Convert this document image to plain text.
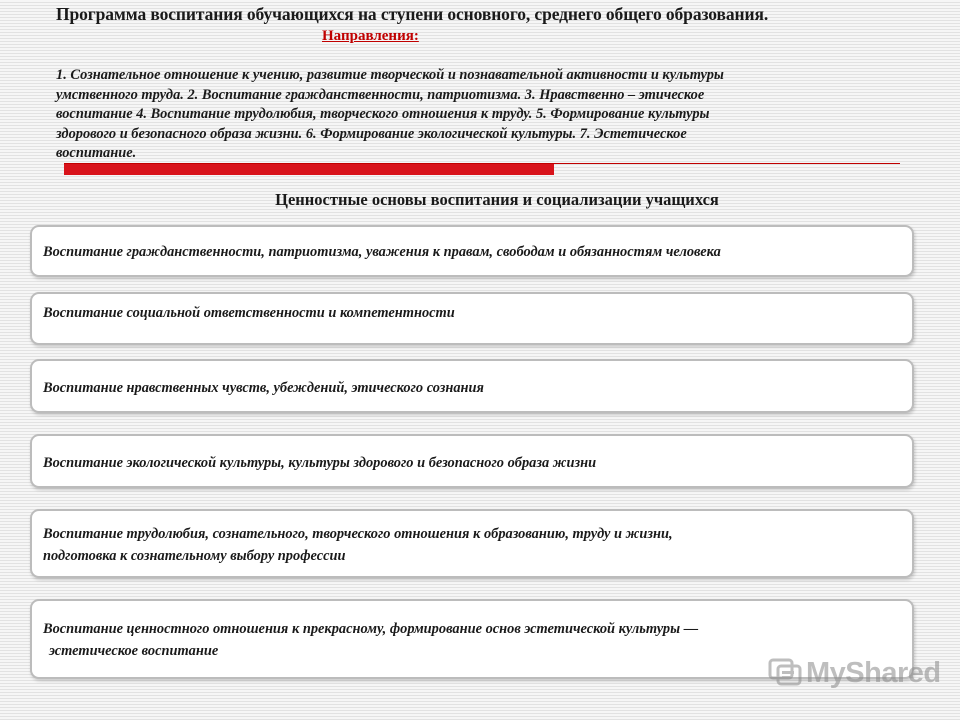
Программа воспитания обучающихся на ступени основного, среднего общего образования.
Направления:
1. Сознательное отношение к учению, развитие творческой и познавательной активности и культуры
умственного труда. 2. Воспитание гражданственности, патриотизма. 3. Нравственно – этическое
воспитание 4. Воспитание трудолюбия, творческого отношения к труду. 5. Формирование культуры
здорового и безопасного образа жизни. 6. Формирование экологической культуры. 7. Эстетическое
воспитание.
Ценностные основы воспитания и социализации учащихся
Воспитание гражданственности, патриотизма, уважения к правам, свободам и обязанностям человека
Воспитание социальной ответственности и компетентности
Воспитание нравственных чувств, убеждений, этического сознания
Воспитание экологической культуры, культуры здорового и безопасного образа жизни
Воспитание трудолюбия, сознательного, творческого отношения к образованию, труду и жизни,
подготовка к сознательному выбору профессии
Воспитание ценностного отношения к прекрасному, формирование основ эстетической культуры —
эстетическое воспитание
MyShared
